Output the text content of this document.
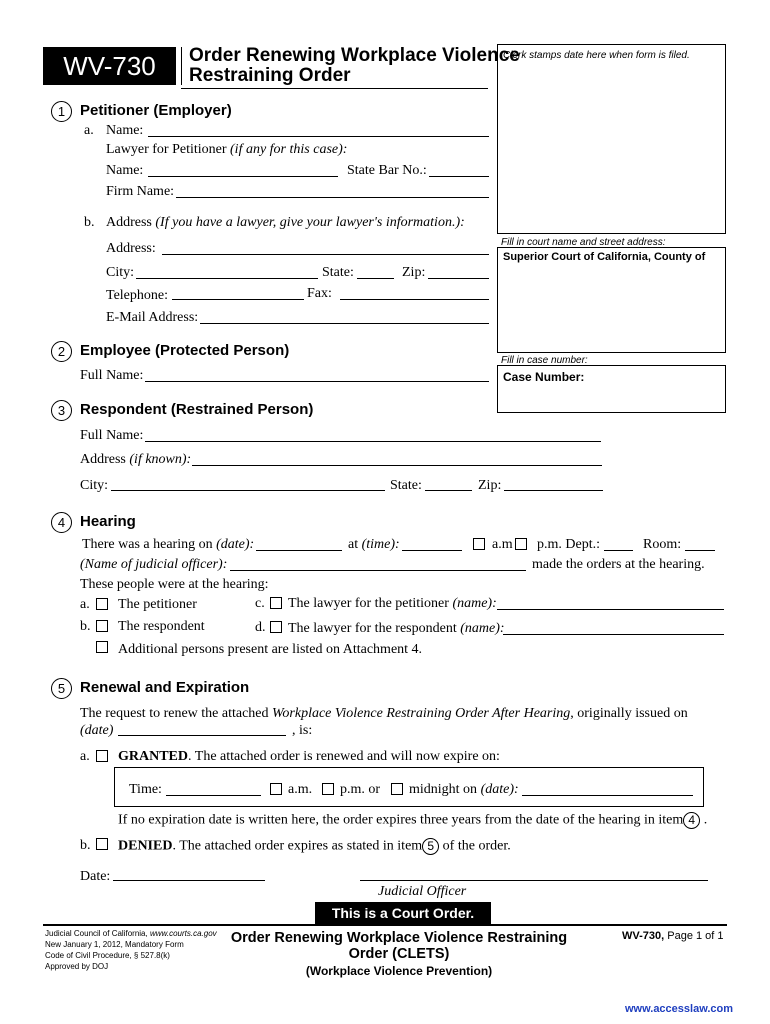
WV-730	Order Renewing Workplace Violence
Restraining Order
Clerk stamps date here when form is filed.
Fill in court name and street address:
Superior Court of California, County of
Fill in case number:
Case Number:
1 Petitioner (Employer)
a. Name:
Lawyer for Petitioner (if any for this case):
Name:	State Bar No.:
Firm Name:
b. Address (If you have a lawyer, give your lawyer's information.):
Address:
City:	State:	Zip:
Telephone:	Fax:
E-Mail Address:
2 Employee (Protected Person)
Full Name:
3 Respondent (Restrained Person)
Full Name:
Address (if known):
City:	State:	Zip:
4 Hearing
There was a hearing on (date):	at (time):	a.m p.m. Dept.:	Room:
(Name of judicial officer):	made the orders at the hearing.
These people were at the hearing:
a. The petitioner	c. The lawyer for the petitioner (name):
b. The respondent	d. The lawyer for the respondent (name):
Additional persons present are listed on Attachment 4.
5 Renewal and Expiration
The request to renew the attached Workplace Violence Restraining Order After Hearing, originally issued on
(date)	, is:
a. GRANTED. The attached order is renewed and will now expire on:
Time:	a.m. p.m. or midnight on (date):
If no expiration date is written here, the order expires three years from the date of the hearing in item 4 .
b. DENIED. The attached order expires as stated in item 5 of the order.
Date:
Judicial Officer
This is a Court Order.
Judicial Council of California, www.courts.ca.gov
New January 1, 2012, Mandatory Form
Code of Civil Procedure, § 527.8(k)
Approved by DOJ
Order Renewing Workplace Violence Restraining
Order (CLETS)
(Workplace Violence Prevention)
WV-730, Page 1 of 1
www.accesslaw.com
